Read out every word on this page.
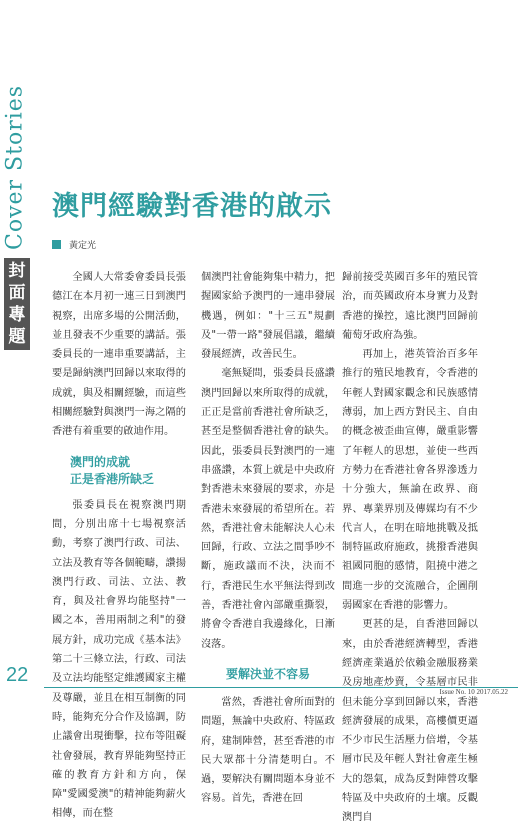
Cover Stories
封
面
專
題
22
Issue No. 10 2017.05.22
澳門經驗對香港的啟示
黃定光

全國人大常委會委員長張德江在本月初一連三日到澳門視察，出席多場的公開活動，並且發表不少重要的講話。張委員長的一連串重要講話，主要是歸納澳門回歸以來取得的成就，與及相關經驗，而這些相關經驗對與澳門一海之隔的香港有着重要的啟迪作用。

澳門的成就

正是香港所缺乏

張委員長在視察澳門期間，分別出席十七場視察活動，考察了澳門行政、司法、立法及教育等各個範疇，讚揚澳門行政、司法、立法、教育，與及社會界均能堅持"一國之本，善用兩制之利"的發展方針，成功完成《基本法》第二十三條立法，行政、司法及立法均能堅定維護國家主權及尊嚴，並且在相互制衡的同時，能夠充分合作及協調，防止議會出現衝擊，拉布等阻礙社會發展，教育界能夠堅持正確的教育方針和方向，保障"愛國愛澳"的精神能夠薪火相傳，而在整

個澳門社會能夠集中精力，把握國家給予澳門的一連串發展機遇，例如："十三五"規劃及"一帶一路"發展倡議，繼續發展經濟，改善民生。

毫無疑問，張委員長盛讚澳門回歸以來所取得的成就，正正是當前香港社會所缺乏，甚至是整個香港社會的缺失。因此，張委員長對澳門的一連串盛讚，本質上就是中央政府對香港未來發展的要求，亦是香港未來發展的希望所在。若然，香港社會未能解決人心未回歸，行政、立法之間爭吵不斷，施政議而不決，決而不行，香港民生水平無法得到改善，香港社會內部嚴重撕裂，將會令香港自我邊緣化，日漸沒落。

要解決並不容易

當然，香港社會所面對的問題，無論中央政府、特區政府，建制陣營，甚至香港的市民大眾都十分清楚明白。不過，要解決有關問題本身並不容易。首先，香港在回

歸前接受英國百多年的殖民管治，而英國政府本身實力及對香港的操控，遠比澳門回歸前葡萄牙政府為強。

再加上，港英管治百多年推行的殖民地教育，令香港的年輕人對國家觀念和民族感情薄弱，加上西方對民主、自由的概念被歪曲宣傳，嚴重影響了年輕人的思想，並使一些西方勢力在香港社會各界滲透力十分強大，無論在政界、商界、專業界別及傳媒均有不少代言人，在明在暗地挑戰及抵制特區政府施政，挑撥香港與祖國同胞的感情，阻撓中港之間進一步的交流融合，企圖削弱國家在香港的影響力。

更甚的是，自香港回歸以來，由於香港經濟轉型，香港經濟產業過於依賴金融服務業及房地產炒賣，令基層市民非但未能分享到回歸以來，香港經濟發展的成果，高樓價更逼不少市民生活壓力倍增，令基層市民及年輕人對社會產生極大的怨氣，成為反對陣營攻擊特區及中央政府的土壤。反觀澳門自
